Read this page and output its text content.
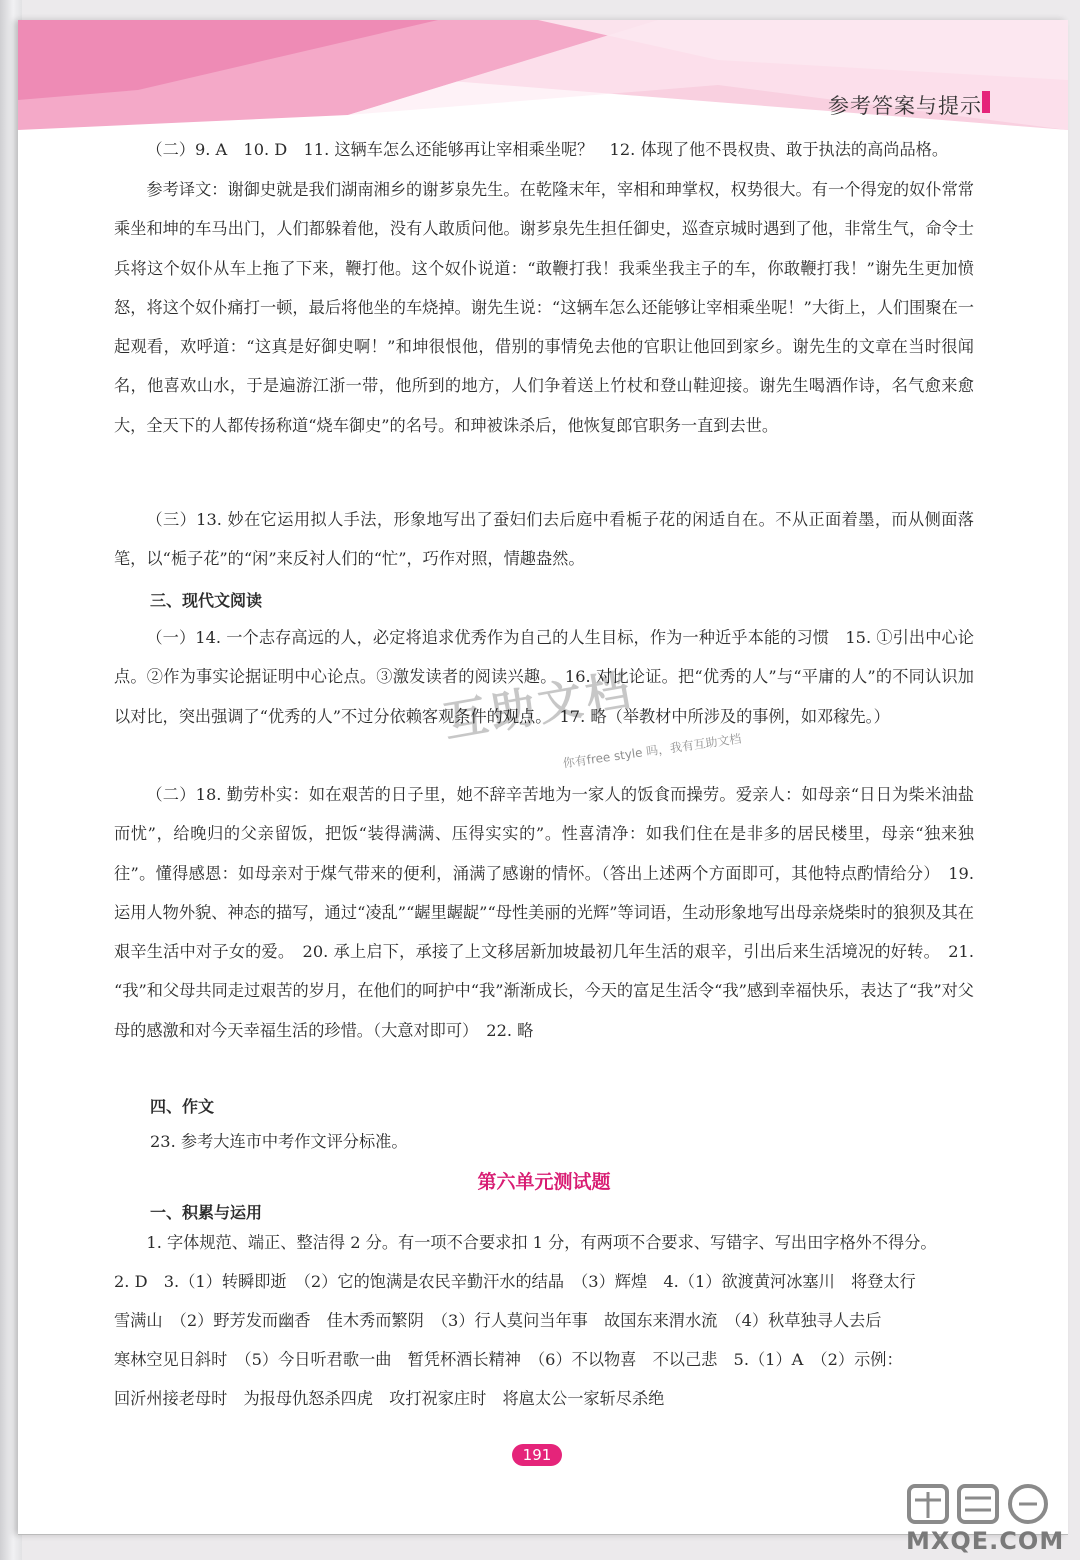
参考答案与提示
（二）9. A　10. D　11. 这辆车怎么还能够再让宰相乘坐呢？　12. 体现了他不畏权贵、敢于执法的高尚品格。
参考译文：谢御史就是我们湖南湘乡的谢芗泉先生。在乾隆末年，宰相和珅掌权，权势很大。有一个得宠的奴仆常常乘坐和坤的车马出门，人们都躲着他，没有人敢质问他。谢芗泉先生担任御史，巡查京城时遇到了他，非常生气，命令士兵将这个奴仆从车上拖了下来，鞭打他。这个奴仆说道：“敢鞭打我！我乘坐我主子的车，你敢鞭打我！”谢先生更加愤怒，将这个奴仆痛打一顿，最后将他坐的车烧掉。谢先生说：“这辆车怎么还能够让宰相乘坐呢！”大街上，人们围聚在一起观看，欢呼道：“这真是好御史啊！”和坤很恨他，借别的事情免去他的官职让他回到家乡。谢先生的文章在当时很闻名，他喜欢山水，于是遍游江浙一带，他所到的地方，人们争着送上竹杖和登山鞋迎接。谢先生喝酒作诗，名气愈来愈大，全天下的人都传扬称道“烧车御史”的名号。和珅被诛杀后，他恢复郎官职务一直到去世。
（三）13. 妙在它运用拟人手法，形象地写出了蚕妇们去后庭中看栀子花的闲适自在。不从正面着墨，而从侧面落笔，以“栀子花”的“闲”来反衬人们的“忙”，巧作对照，情趣盎然。
三、现代文阅读
（一）14. 一个志存高远的人，必定将追求优秀作为自己的人生目标，作为一种近乎本能的习惯　15. ①引出中心论点。②作为事实论据证明中心论点。③激发读者的阅读兴趣。　16. 对比论证。把“优秀的人”与“平庸的人”的不同认识加以对比，突出强调了“优秀的人”不过分依赖客观条件的观点。　17. 略（举教材中所涉及的事例，如邓稼先。）
（二）18. 勤劳朴实：如在艰苦的日子里，她不辞辛苦地为一家人的饭食而操劳。爱亲人：如母亲“日日为柴米油盐而忧”，给晚归的父亲留饭，把饭“装得满满、压得实实的”。性喜清净：如我们住在是非多的居民楼里，母亲“独来独往”。懂得感恩：如母亲对于煤气带来的便利，涌满了感谢的情怀。（答出上述两个方面即可，其他特点酌情给分）　19. 运用人物外貌、神态的描写，通过“凌乱”“龌里龌龊”“母性美丽的光辉”等词语，生动形象地写出母亲烧柴时的狼狈及其在艰辛生活中对子女的爱。　20. 承上启下，承接了上文移居新加坡最初几年生活的艰辛，引出后来生活境况的好转。　21. “我”和父母共同走过艰苦的岁月，在他们的呵护中“我”渐渐成长，今天的富足生活令“我”感到幸福快乐，表达了“我”对父母的感激和对今天幸福生活的珍惜。（大意对即可）　22. 略
四、作文
23. 参考大连市中考作文评分标准。
第六单元测试题
一、积累与运用
1. 字体规范、端正、整洁得 2 分。有一项不合要求扣 1 分，有两项不合要求、写错字、写出田字格外不得分。
2. D　3.（1）转瞬即逝　（2）它的饱满是农民辛勤汗水的结晶　（3）辉煌　4.（1）欲渡黄河冰塞川　将登太行
雪满山　（2）野芳发而幽香　佳木秀而繁阴　（3）行人莫问当年事　故国东来渭水流　（4）秋草独寻人去后
寒林空见日斜时　（5）今日听君歌一曲　暂凭杯酒长精神　（6）不以物喜　不以己悲　5.（1）A　（2）示例：
回沂州接老母时　为报母仇怒杀四虎　攻打祝家庄时　将扈太公一家斩尽杀绝
互助文档
你有free style 吗，我有互助文档
191
MXQE.COM
